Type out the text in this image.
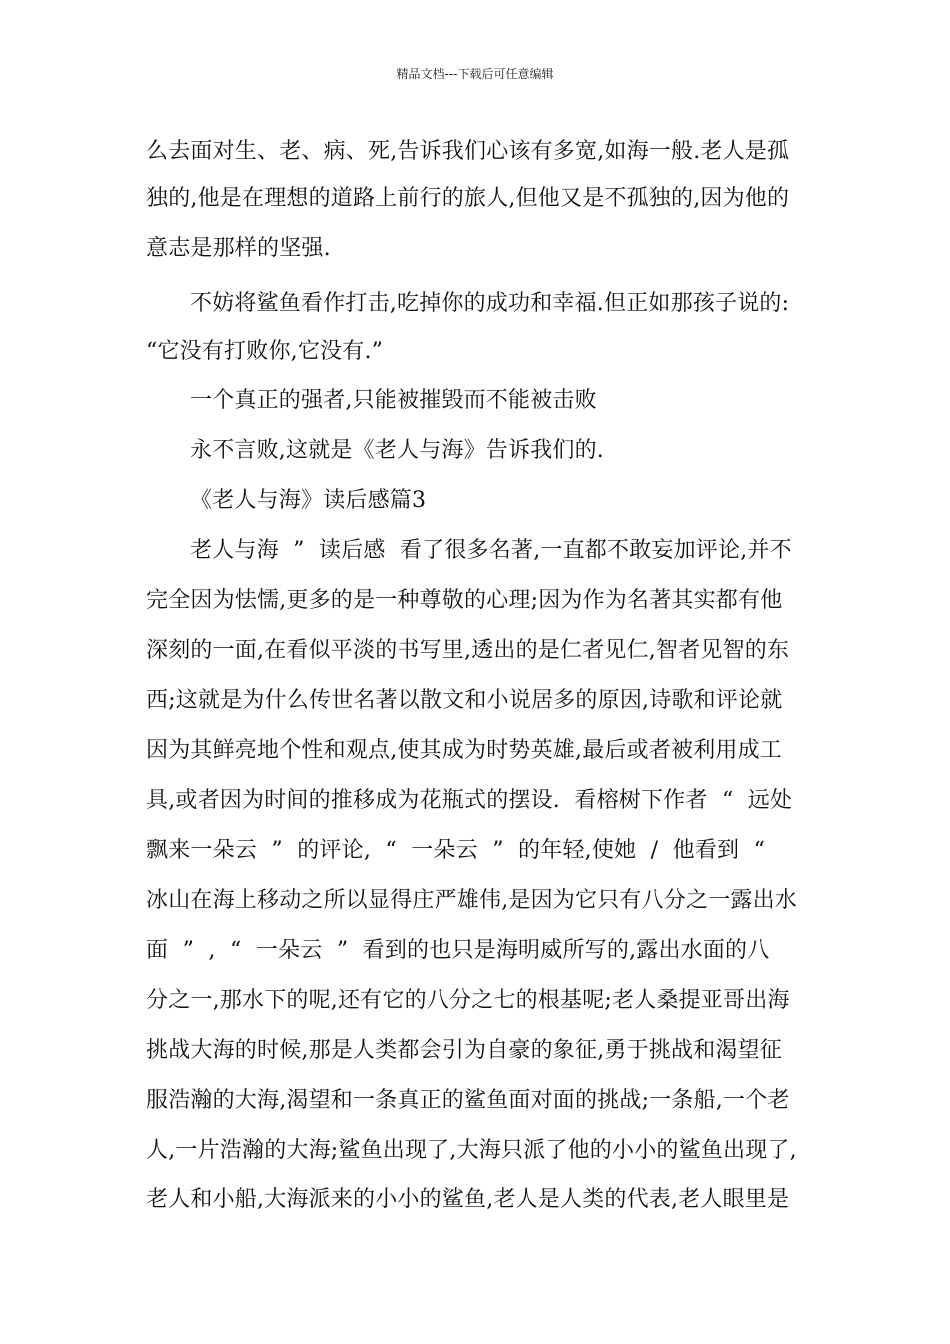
精品文档---下载后可任意编辑
么去面对生、老、病、死,告诉我们心该有多宽,如海一般.老人是孤
独的,他是在理想的道路上前行的旅人,但他又是不孤独的,因为他的
意志是那样的坚强.
不妨将鲨鱼看作打击,吃掉你的成功和幸福.但正如那孩子说的:
“它没有打败你,它没有.”
一个真正的强者,只能被摧毁而不能被击败
永不言败,这就是《老人与海》告诉我们的.
《老人与海》读后感篇3
老人与海  ”  读后感  看了很多名著,一直都不敢妄加评论,并不
完全因为怯懦,更多的是一种尊敬的心理;因为作为名著其实都有他
深刻的一面,在看似平淡的书写里,透出的是仁者见仁,智者见智的东
西;这就是为什么传世名著以散文和小说居多的原因,诗歌和评论就
因为其鲜亮地个性和观点,使其成为时势英雄,最后或者被利用成工
具,或者因为时间的推移成为花瓶式的摆设.  看榕树下作者  “  远处
飘来一朵云  ”  的评论,  “  一朵云  ”  的年轻,使她  /  他看到  “
冰山在海上移动之所以显得庄严雄伟,是因为它只有八分之一露出水
面  ”  ,  “  一朵云  ”  看到的也只是海明威所写的,露出水面的八
分之一,那水下的呢,还有它的八分之七的根基呢;老人桑提亚哥出海
挑战大海的时候,那是人类都会引为自豪的象征,勇于挑战和渴望征
服浩瀚的大海,渴望和一条真正的鲨鱼面对面的挑战;一条船,一个老
人,一片浩瀚的大海;鲨鱼出现了,大海只派了他的小小的鲨鱼出现了,
老人和小船,大海派来的小小的鲨鱼,老人是人类的代表,老人眼里是
